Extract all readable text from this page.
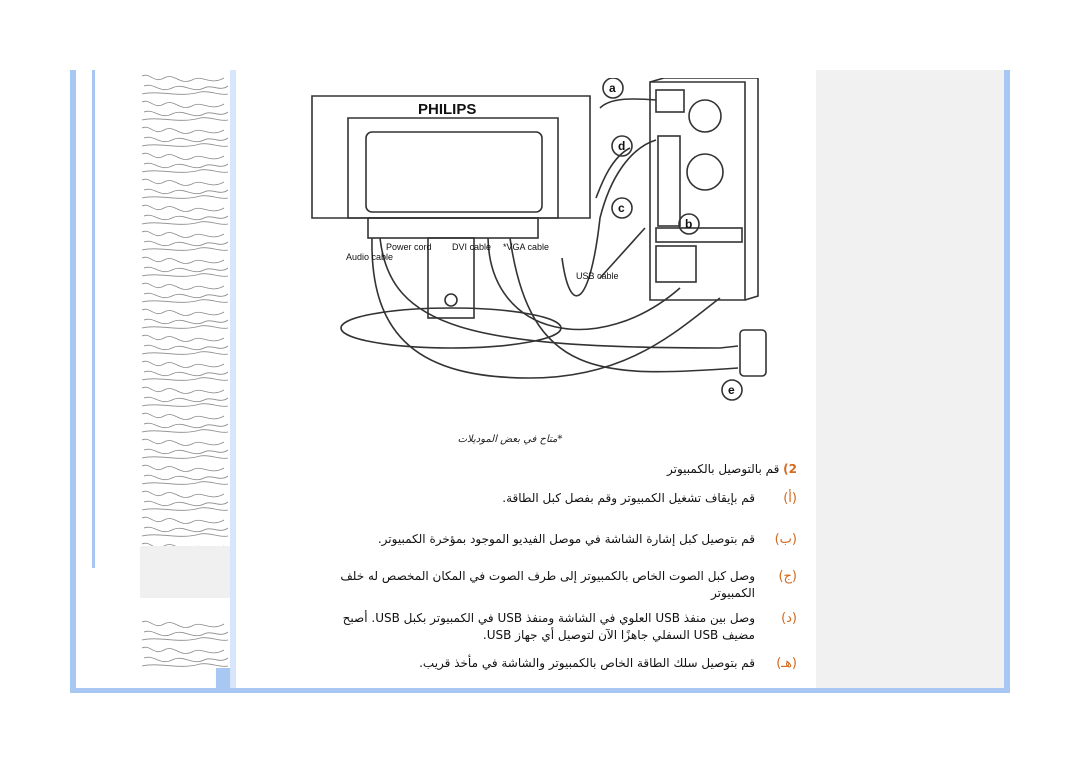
PHILIPS
Audio cable
Power cord DVI cable *VGA cable
USB cable
a
b
c
d
e
*متاح في بعض الموديلات
2) قم بالتوصيل بالكمبيوتر
(أ)
قم بإيقاف تشغيل الكمبيوتر وقم بفصل كبل الطاقة.
(ب)
قم بتوصيل كبل إشارة الشاشة في موصل الفيديو الموجود بمؤخرة الكمبيوتر.
(ج)
وصل كبل الصوت الخاص بالكمبيوتر إلى طرف الصوت في المكان المخصص له خلف الكمبيوتر
(د)
وصل بين منفذ USB العلوي في الشاشة ومنفذ USB في الكمبيوتر بكبل USB. أصبح مضيف USB السفلي جاهزًا الآن لتوصيل أي جهاز USB.
(هـ)
قم بتوصيل سلك الطاقة الخاص بالكمبيوتر والشاشة في مأخذ قريب.
